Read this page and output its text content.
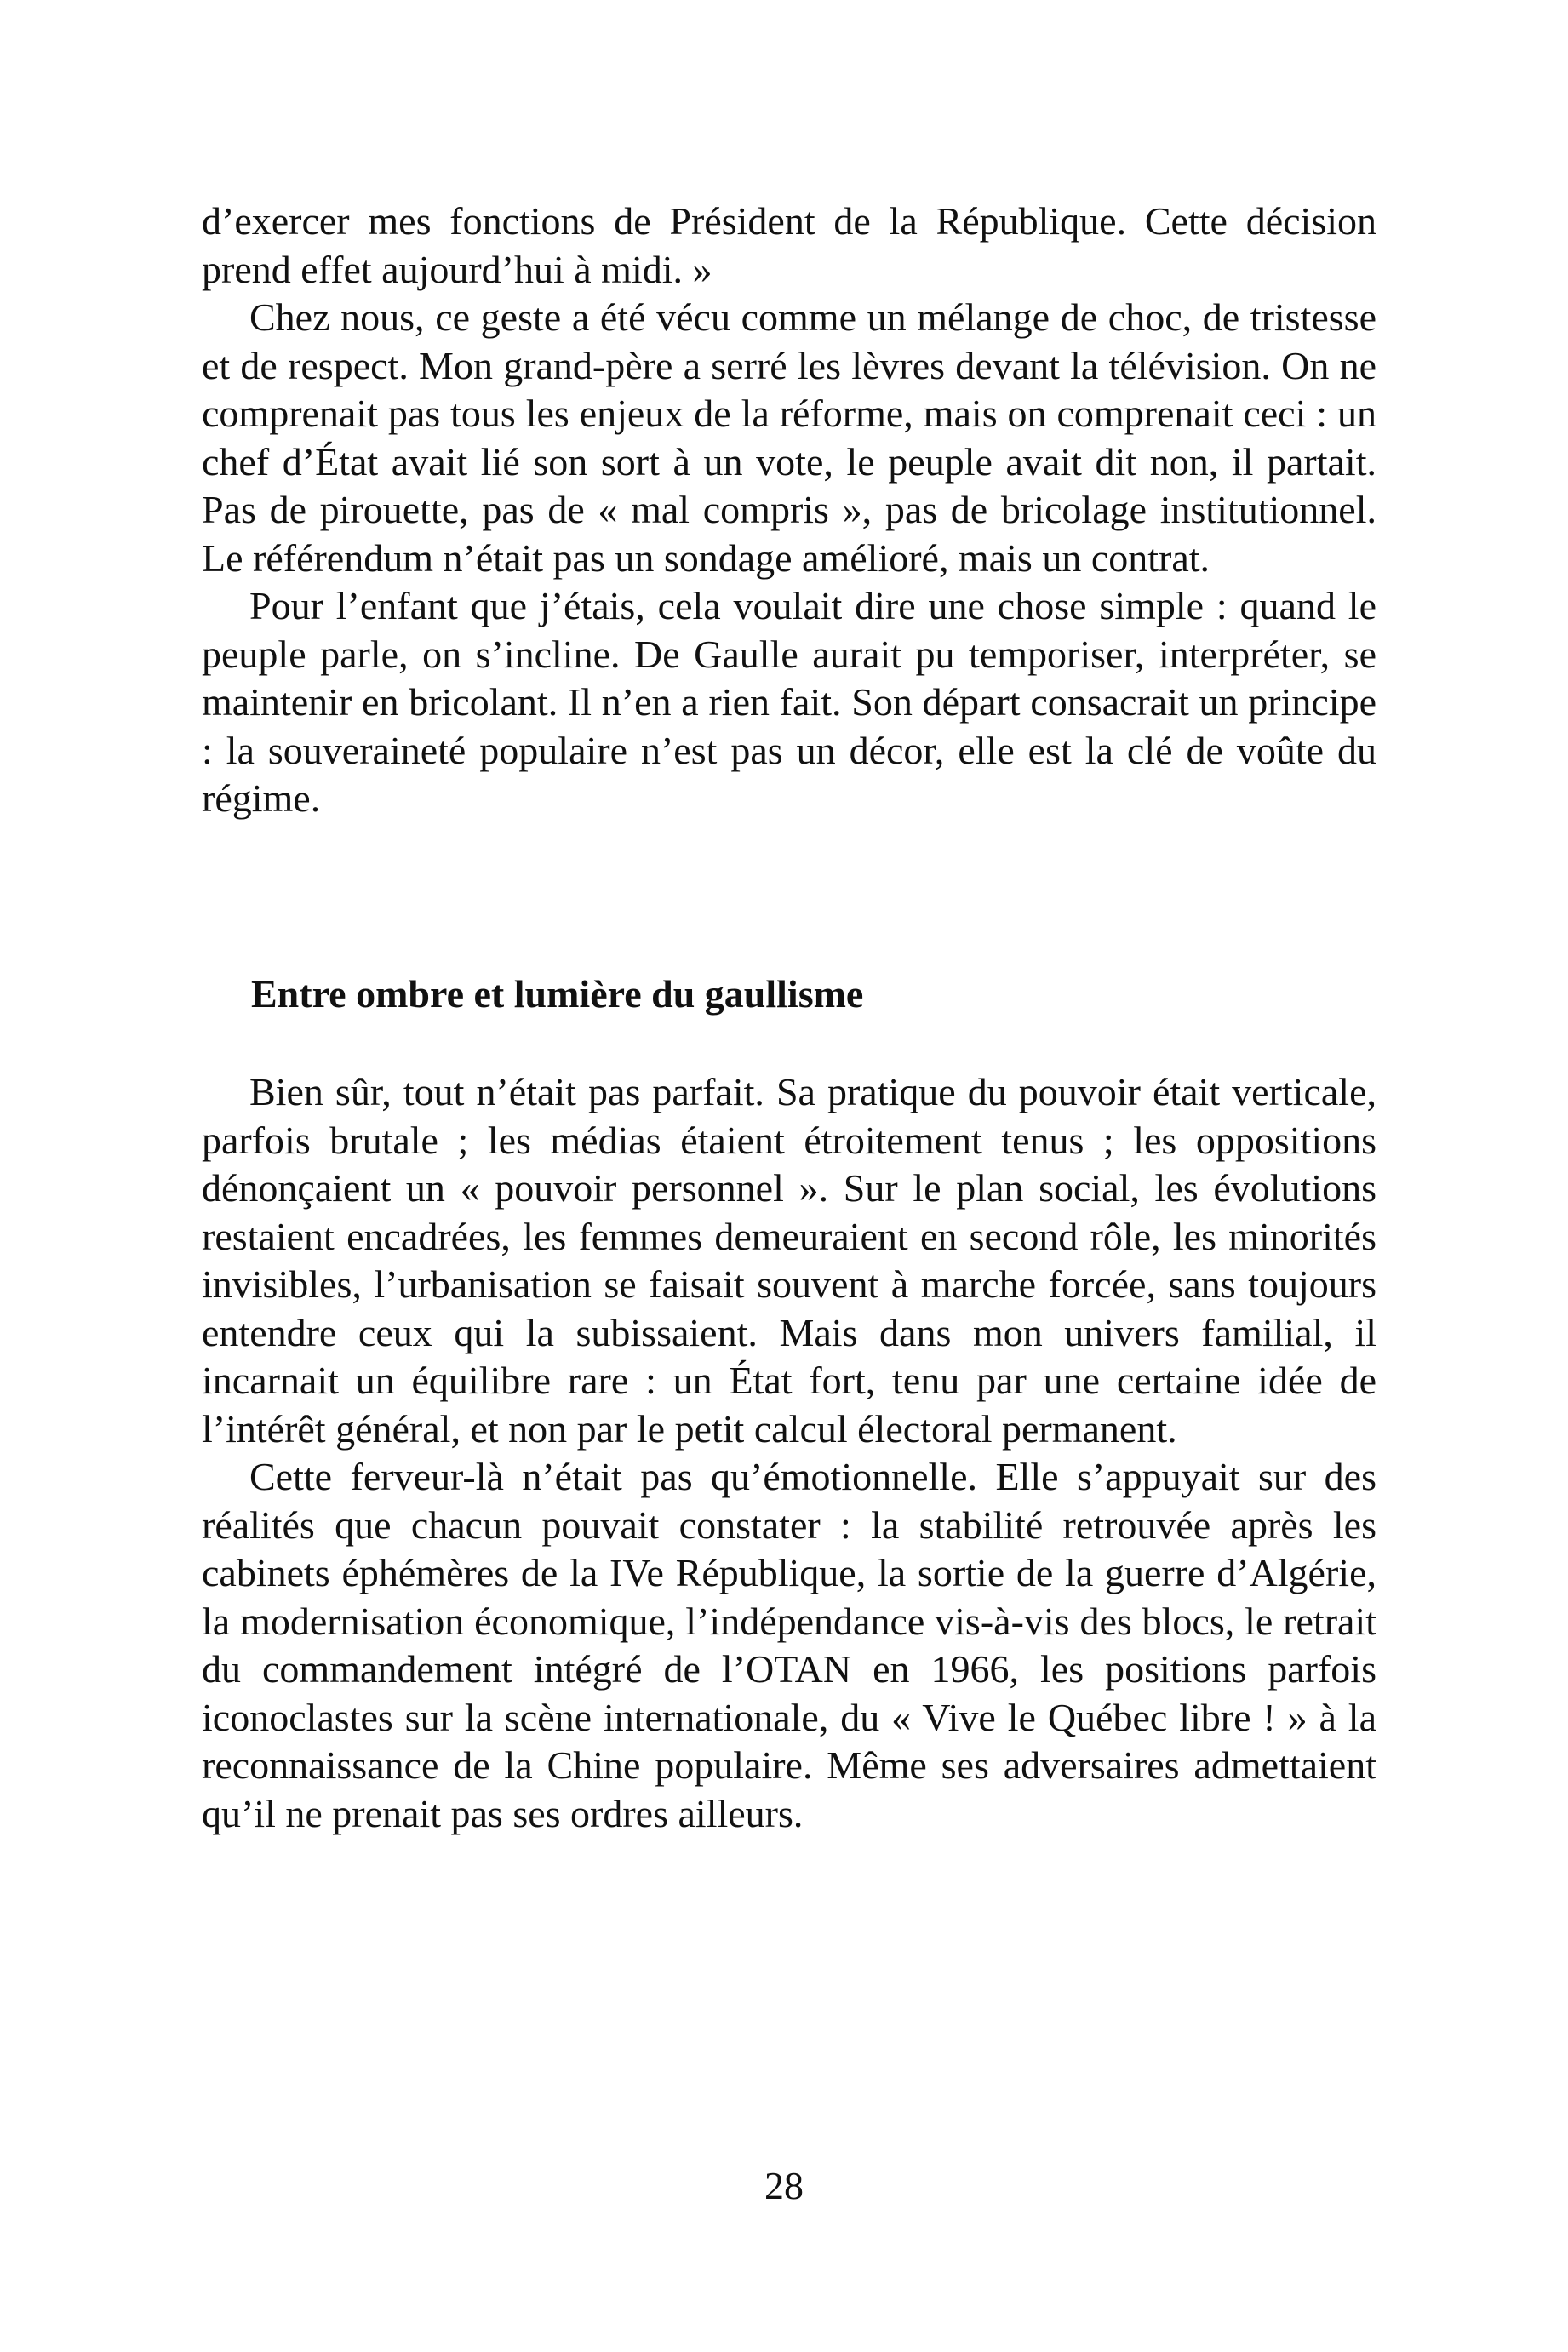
d’exercer mes fonctions de Président de la République. Cette décision prend effet aujourd’hui à midi. »

Chez nous, ce geste a été vécu comme un mélange de choc, de tristesse et de respect. Mon grand-père a serré les lèvres devant la télévision. On ne comprenait pas tous les enjeux de la réforme, mais on comprenait ceci : un chef d’État avait lié son sort à un vote, le peuple avait dit non, il partait. Pas de pirouette, pas de « mal compris », pas de bricolage institutionnel. Le référendum n’était pas un sondage amélioré, mais un contrat.

Pour l’enfant que j’étais, cela voulait dire une chose simple : quand le peuple parle, on s’incline. De Gaulle aurait pu temporiser, interpréter, se maintenir en bricolant. Il n’en a rien fait. Son départ consacrait un principe : la souveraineté populaire n’est pas un décor, elle est la clé de voûte du régime.

Entre ombre et lumière du gaullisme

Bien sûr, tout n’était pas parfait. Sa pratique du pouvoir était verticale, parfois brutale ; les médias étaient étroitement tenus ; les oppositions dénonçaient un « pouvoir personnel ». Sur le plan social, les évolutions restaient encadrées, les femmes demeuraient en second rôle, les minorités invisibles, l’urbanisation se faisait souvent à marche forcée, sans toujours entendre ceux qui la subissaient. Mais dans mon univers familial, il incarnait un équilibre rare : un État fort, tenu par une certaine idée de l’intérêt général, et non par le petit calcul électoral permanent.

Cette ferveur-là n’était pas qu’émotionnelle. Elle s’appuyait sur des réalités que chacun pouvait constater : la stabilité retrouvée après les cabinets éphémères de la IVe République, la sortie de la guerre d’Algérie, la modernisation économique, l’indépendance vis-à-vis des blocs, le retrait du commandement intégré de l’OTAN en 1966, les positions parfois iconoclastes sur la scène internationale, du « Vive le Québec libre ! » à la reconnaissance de la Chine populaire. Même ses adversaires admettaient qu’il ne prenait pas ses ordres ailleurs.

28
